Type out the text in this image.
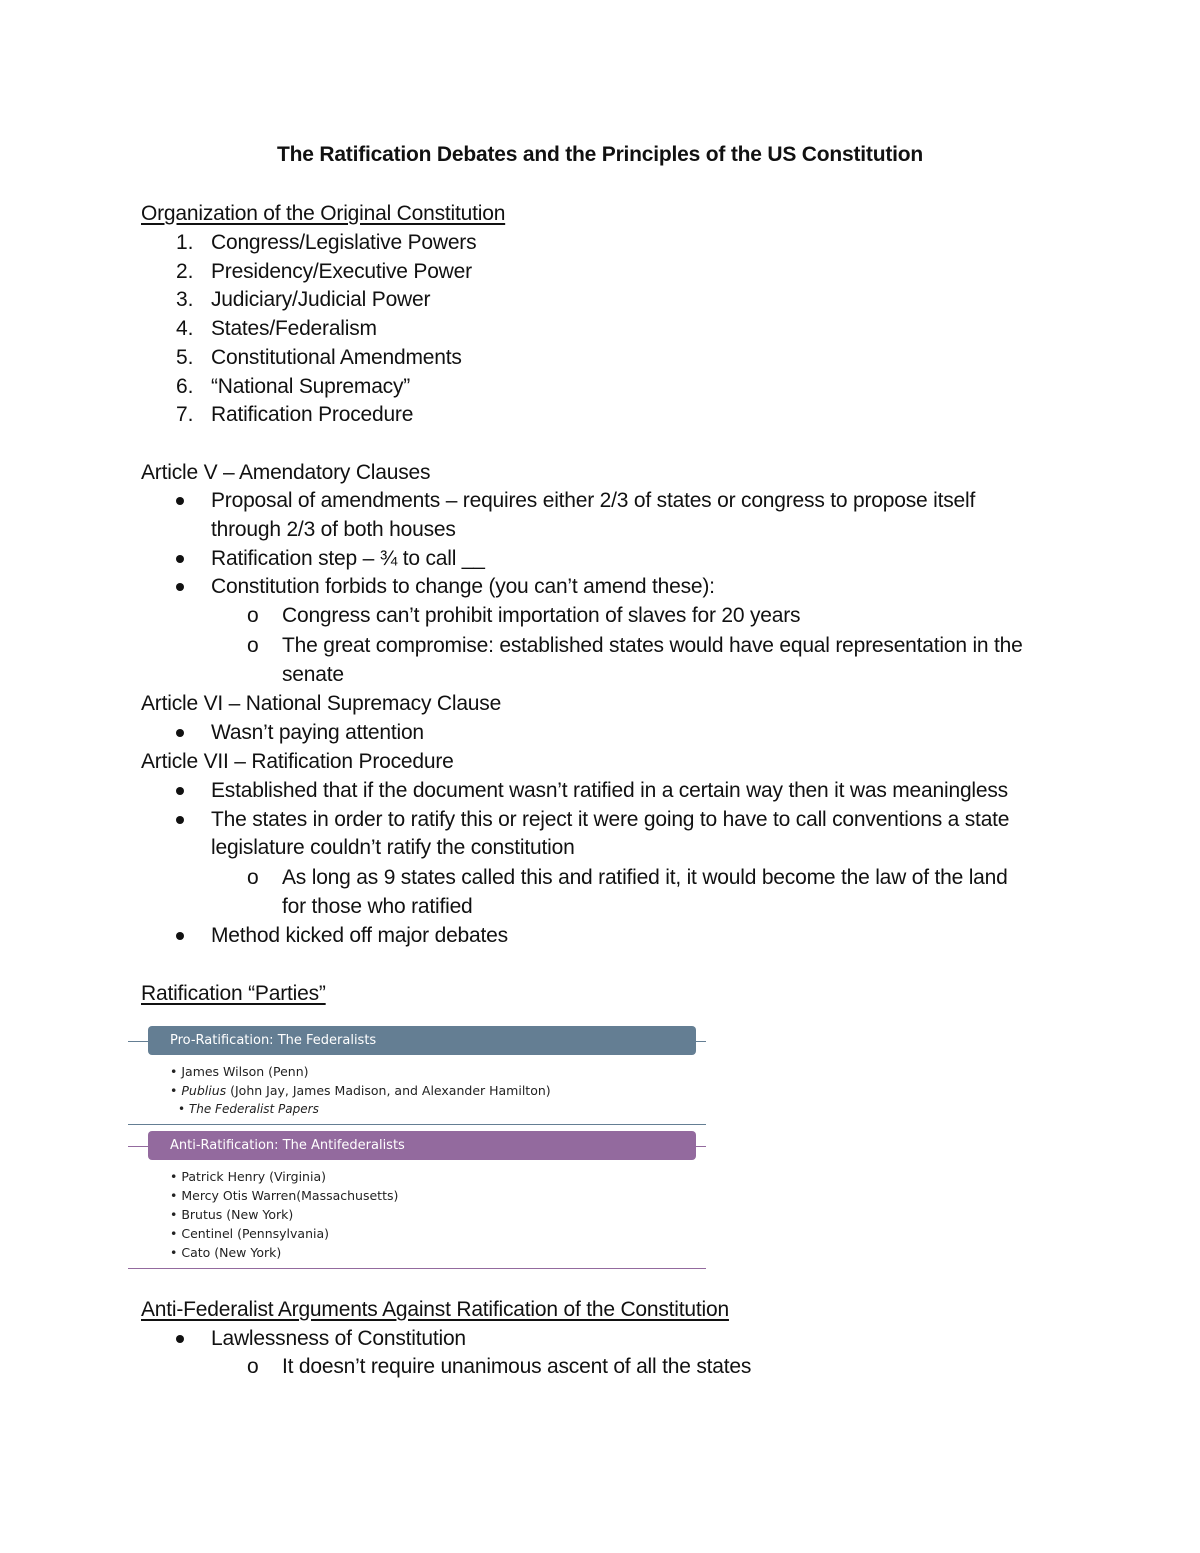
The Ratification Debates and the Principles of the US Constitution
Organization of the Original Constitution
1. Congress/Legislative Powers
2. Presidency/Executive Power
3. Judiciary/Judicial Power
4. States/Federalism
5. Constitutional Amendments
6. “National Supremacy”
7. Ratification Procedure
Article V – Amendatory Clauses
Proposal of amendments – requires either 2/3 of states or congress to propose itself
through 2/3 of both houses
Ratification step – ¾ to call __
Constitution forbids to change (you can’t amend these):
o Congress can’t prohibit importation of slaves for 20 years
o The great compromise: established states would have equal representation in the
senate
Article VI – National Supremacy Clause
Wasn’t paying attention
Article VII – Ratification Procedure
Established that if the document wasn’t ratified in a certain way then it was meaningless
The states in order to ratify this or reject it were going to have to call conventions a state
legislature couldn’t ratify the constitution
o As long as 9 states called this and ratified it, it would become the law of the land
for those who ratified
Method kicked off major debates
Ratification “Parties”
Pro-Ratification: The Federalists
• James Wilson (Penn)
• Publius (John Jay, James Madison, and Alexander Hamilton)
• The Federalist Papers
Anti-Ratification: The Antifederalists
• Patrick Henry (Virginia)
• Mercy Otis Warren(Massachusetts)
• Brutus (New York)
• Centinel (Pennsylvania)
• Cato (New York)
Anti-Federalist Arguments Against Ratification of the Constitution
Lawlessness of Constitution
o It doesn’t require unanimous ascent of all the states
